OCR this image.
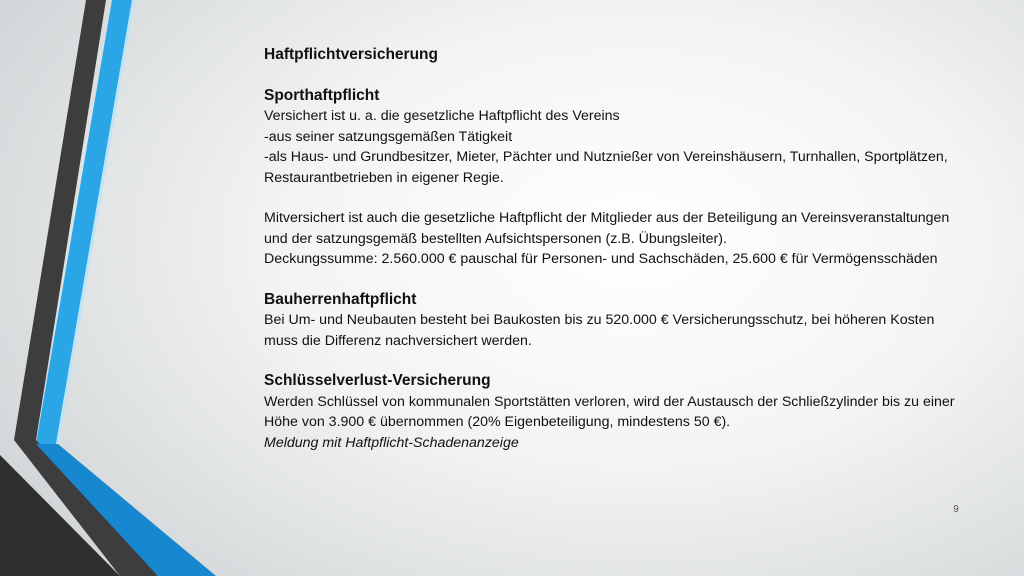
Haftpflichtversicherung

Sporthaftpflicht

Versichert ist u. a. die gesetzliche Haftpflicht des Vereins

-aus seiner satzungsgemäßen Tätigkeit

-als Haus- und Grundbesitzer, Mieter, Pächter und Nutznießer von Vereinshäusern, Turnhallen, Sportplätzen, Restaurantbetrieben in eigener Regie.

Mitversichert ist auch die gesetzliche Haftpflicht der Mitglieder aus der Beteiligung an Vereinsveranstaltungen und der satzungsgemäß bestellten Aufsichtspersonen (z.B. Übungsleiter).

Deckungssumme: 2.560.000 € pauschal für Personen- und Sachschäden, 25.600 € für Vermögensschäden

Bauherrenhaftpflicht

Bei Um- und Neubauten besteht bei Baukosten bis zu 520.000 € Versicherungsschutz, bei höheren Kosten muss die Differenz nachversichert werden.

Schlüsselverlust-Versicherung

Werden Schlüssel von kommunalen Sportstätten verloren, wird der Austausch der Schließzylinder bis zu einer Höhe von 3.900 € übernommen (20% Eigenbeteiligung, mindestens 50 €).

Meldung mit Haftpflicht-Schadenanzeige

9
